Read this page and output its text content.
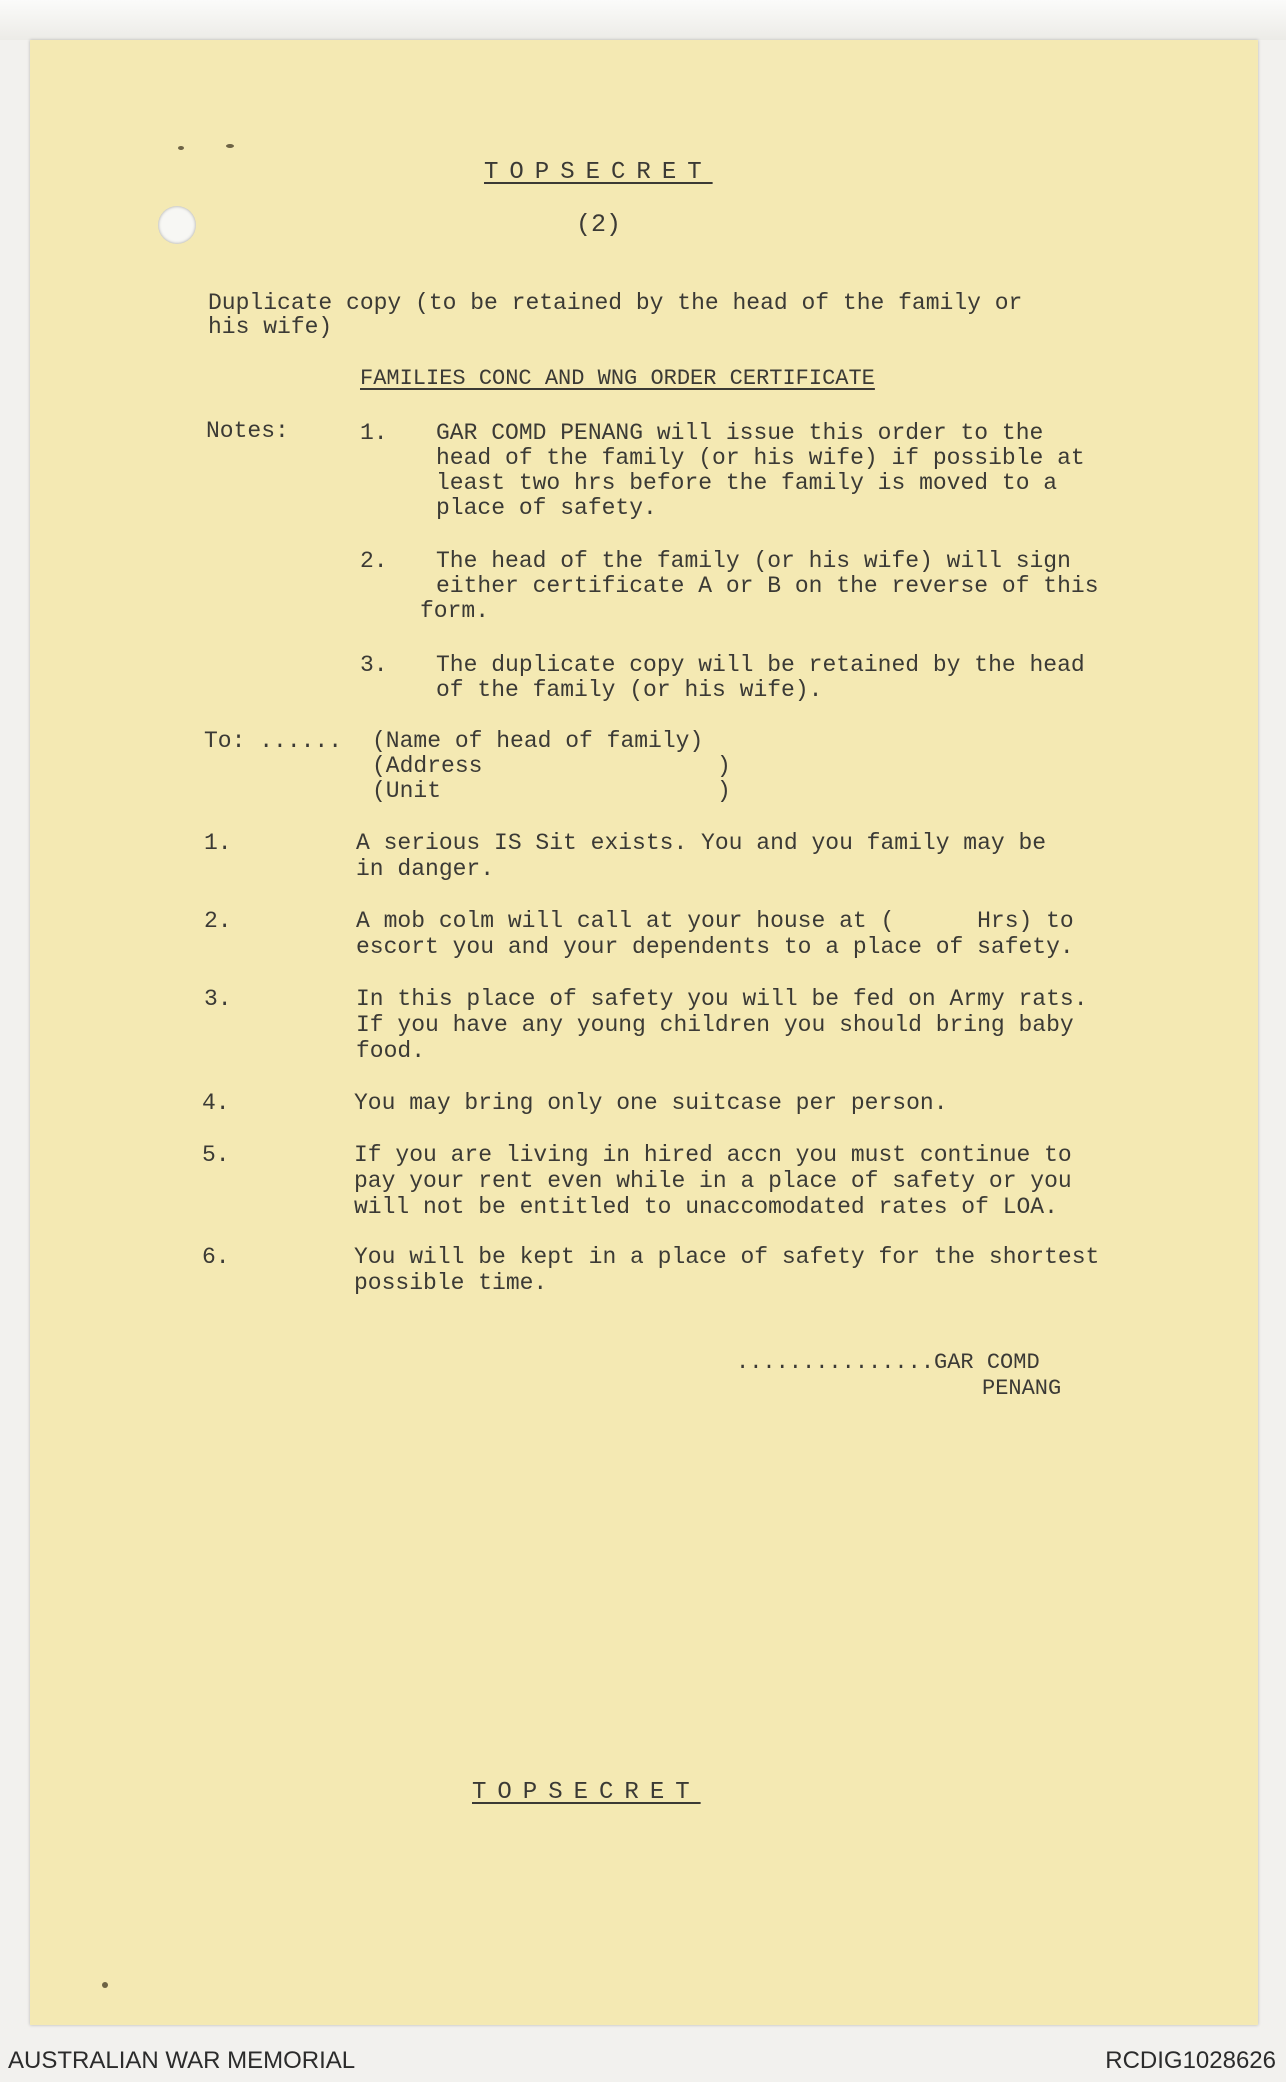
TOPSECRET
(2)
Duplicate copy (to be retained by the head of the family or
his wife)
FAMILIES CONC AND WNG ORDER CERTIFICATE
Notes:	1. GAR COMD PENANG will issue this order to the
head of the family (or his wife) if possible at
least two hrs before the family is moved to a
place of safety.
2. The head of the family (or his wife) will sign
either certificate A or B on the reverse of this
form.
3. The duplicate copy will be retained by the head
of the family (or his wife).
To: ...... (Name of head of family)
(Address                 )
(Unit                    )
1.	A serious IS Sit exists. You and you family may be
in danger.
2.	A mob colm will call at your house at (      Hrs) to
escort you and your dependents to a place of safety.
3.	In this place of safety you will be fed on Army rats.
If you have any young children you should bring baby
food.
4.	You may bring only one suitcase per person.
5.	If you are living in hired accn you must continue to
pay your rent even while in a place of safety or you
will not be entitled to unaccomodated rates of LOA.
6.	You will be kept in a place of safety for the shortest
possible time.
...............GAR COMD
PENANG
TOPSECRET
AUSTRALIAN WAR MEMORIAL	RCDIG1028626
